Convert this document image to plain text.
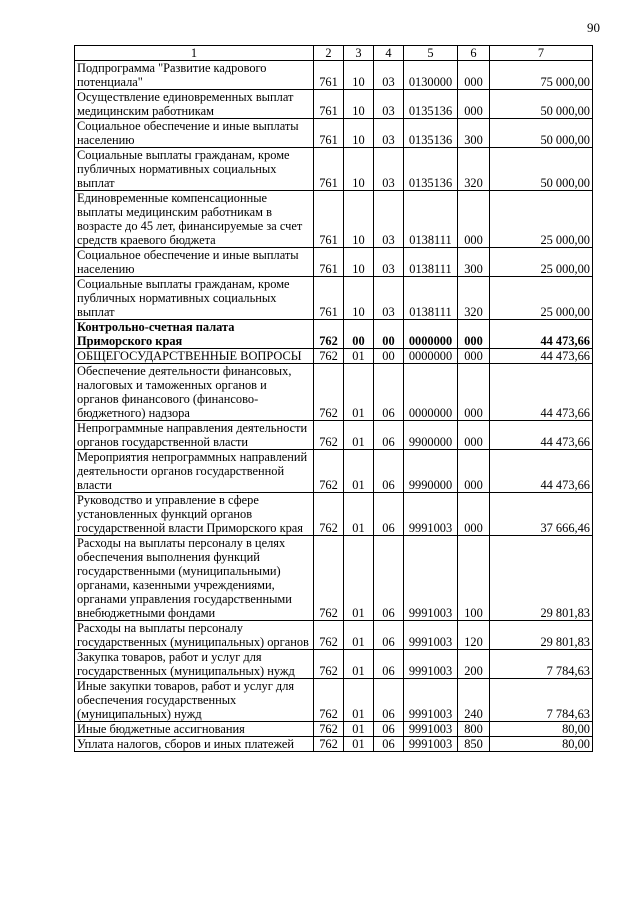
90
1	2	3	4	5	6	7
Подпрограмма "Развитие кадрового потенциала"	761	10	03	0130000	000	75 000,00
Осуществление единовременных выплат медицинским работникам	761	10	03	0135136	000	50 000,00
Социальное обеспечение и иные выплаты населению	761	10	03	0135136	300	50 000,00
Социальные выплаты гражданам, кроме публичных нормативных социальных выплат	761	10	03	0135136	320	50 000,00
Единовременные компенсационные выплаты медицинским работникам в возрасте до 45 лет, финансируемые за счет средств краевого бюджета	761	10	03	0138111	000	25 000,00
Социальное обеспечение и иные выплаты населению	761	10	03	0138111	300	25 000,00
Социальные выплаты гражданам, кроме публичных нормативных социальных выплат	761	10	03	0138111	320	25 000,00
Контрольно-счетная палата Приморского края	762	00	00	0000000	000	44 473,66
ОБЩЕГОСУДАРСТВЕННЫЕ ВОПРОСЫ	762	01	00	0000000	000	44 473,66
Обеспечение деятельности финансовых, налоговых и таможенных органов и органов финансового (финансово-бюджетного) надзора	762	01	06	0000000	000	44 473,66
Непрограммные направления деятельности органов государственной власти	762	01	06	9900000	000	44 473,66
Мероприятия непрограммных направлений деятельности органов государственной власти	762	01	06	9990000	000	44 473,66
Руководство и управление в сфере установленных функций органов государственной власти Приморского края	762	01	06	9991003	000	37 666,46
Расходы на выплаты персоналу в целях обеспечения выполнения функций государственными (муниципальными) органами, казенными учреждениями, органами управления государственными внебюджетными фондами	762	01	06	9991003	100	29 801,83
Расходы на выплаты персоналу государственных (муниципальных) органов	762	01	06	9991003	120	29 801,83
Закупка товаров, работ и услуг для государственных (муниципальных) нужд	762	01	06	9991003	200	7 784,63
Иные закупки товаров, работ и услуг для обеспечения государственных (муниципальных) нужд	762	01	06	9991003	240	7 784,63
Иные бюджетные ассигнования	762	01	06	9991003	800	80,00
Уплата налогов, сборов и иных платежей	762	01	06	9991003	850	80,00
